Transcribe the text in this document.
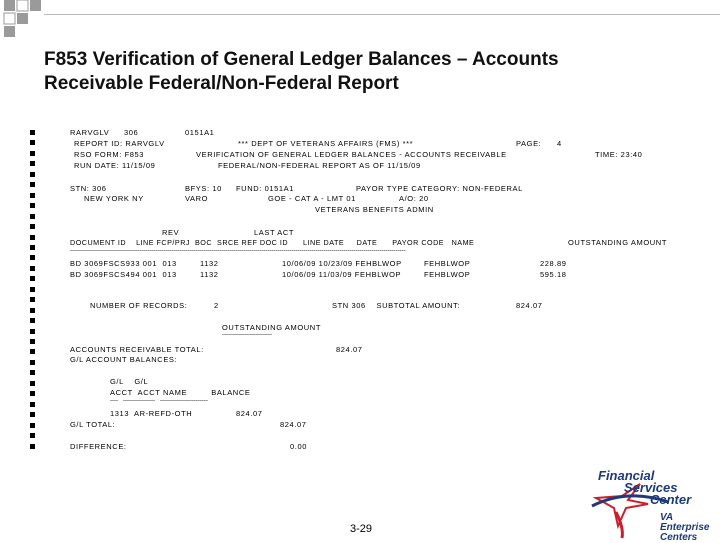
F853 Verification of General Ledger Balances – Accounts
Receivable Federal/Non-Federal Report
RARVGLV 306	0151A1
REPORT ID: RARVGLV	*** DEPT OF VETERANS AFFAIRS (FMS) ***	PAGE: 4
RSO FORM: F853	VERIFICATION OF GENERAL LEDGER BALANCES - ACCOUNTS RECEIVABLE	TIME: 23:40
RUN DATE: 11/15/09	FEDERAL/NON-FEDERAL REPORT AS OF 11/15/09
STN: 306	BFYS: 10 FUND: 0151A1	PAYOR TYPE CATEGORY: NON-FEDERAL
NEW YORK NY	VARO	GOE - CAT A - LMT 01	A/O: 20
VETERANS BENEFITS ADMIN
REV	LAST ACT
DOCUMENT ID    LINE FCP/PRJ  BOC  SRCE REF DOC ID      LINE DATE     DATE      PAYOR CODE   NAME	OUTSTANDING AMOUNT
------------------------------------------------------------------------------------------------------------------------------------------------------------------------
BD 3069FSCS933 001  013	1132	10/06/09 10/23/09 FEHBLWOP	FEHBLWOP	228.89
BD 3069FSCS494 001  013	1132	10/06/09 11/03/09 FEHBLWOP	FEHBLWOP	595.18
NUMBER OF RECORDS:	2	STN 306    SUBTOTAL AMOUNT:	824.07
OUTSTANDING AMOUNT
-------------------------
ACCOUNTS RECEIVABLE TOTAL:	824.07
G/L ACCOUNT BALANCES:
G/L    G/L
ACCT  ACCT NAME         BALANCE
----   ----------------   ------------------------
1313  AR-REFD-OTH	824.07
G/L TOTAL:	824.07
DIFFERENCE:	0.00
3-29
Financial
Services
Center
VA Enterprise
Centers
